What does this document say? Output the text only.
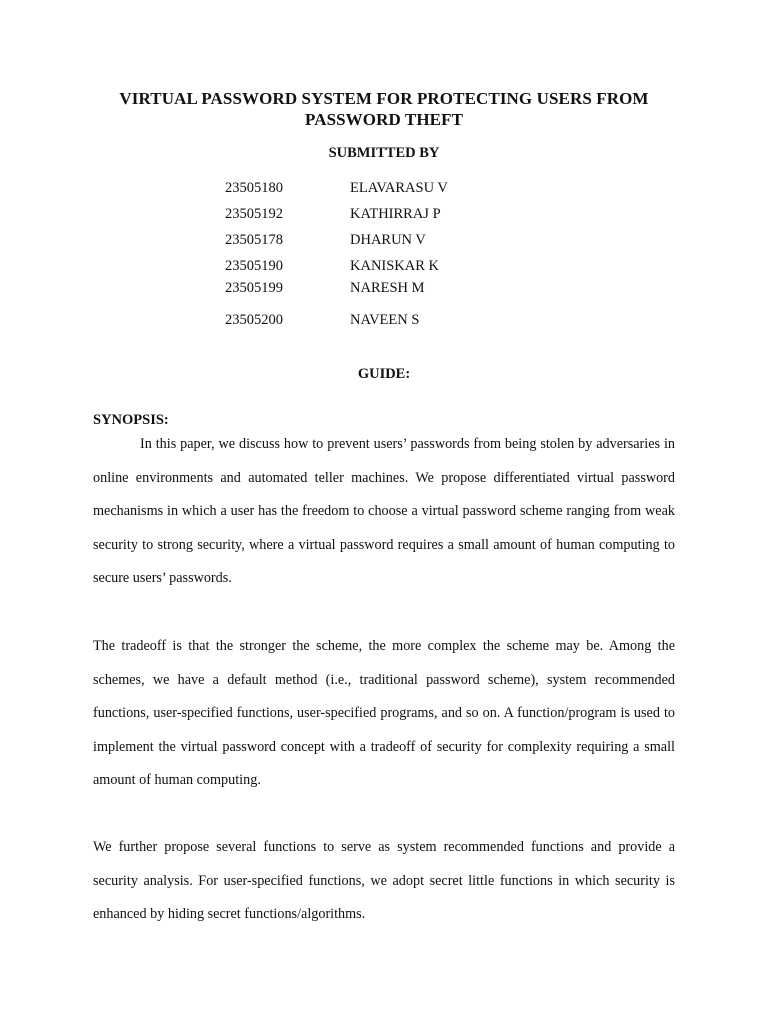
VIRTUAL PASSWORD SYSTEM FOR PROTECTING USERS FROM
PASSWORD THEFT
SUBMITTED BY
23505180	ELAVARASU V
23505192	KATHIRRAJ P
23505178	DHARUN V
23505190	KANISKAR K
23505199	NARESH M
23505200	NAVEEN S
GUIDE:
SYNOPSIS:

In this paper, we discuss how to prevent users’ passwords from being stolen by adversaries in online environments and automated teller machines. We propose differentiated virtual password mechanisms in which a user has the freedom to choose a virtual password scheme ranging from weak security to strong security, where a virtual password requires a small amount of human computing to secure users’ passwords.

The tradeoff is that the stronger the scheme, the more complex the scheme may be. Among the schemes, we have a default method (i.e., traditional password scheme), system recommended functions, user-specified functions, user-specified programs, and so on. A function/program is used to implement the virtual password concept with a tradeoff of security for complexity requiring a small amount of human computing.

We further propose several functions to serve as system recommended functions and provide a security analysis. For user-specified functions, we adopt secret little functions in which security is enhanced by hiding secret functions/algorithms.
